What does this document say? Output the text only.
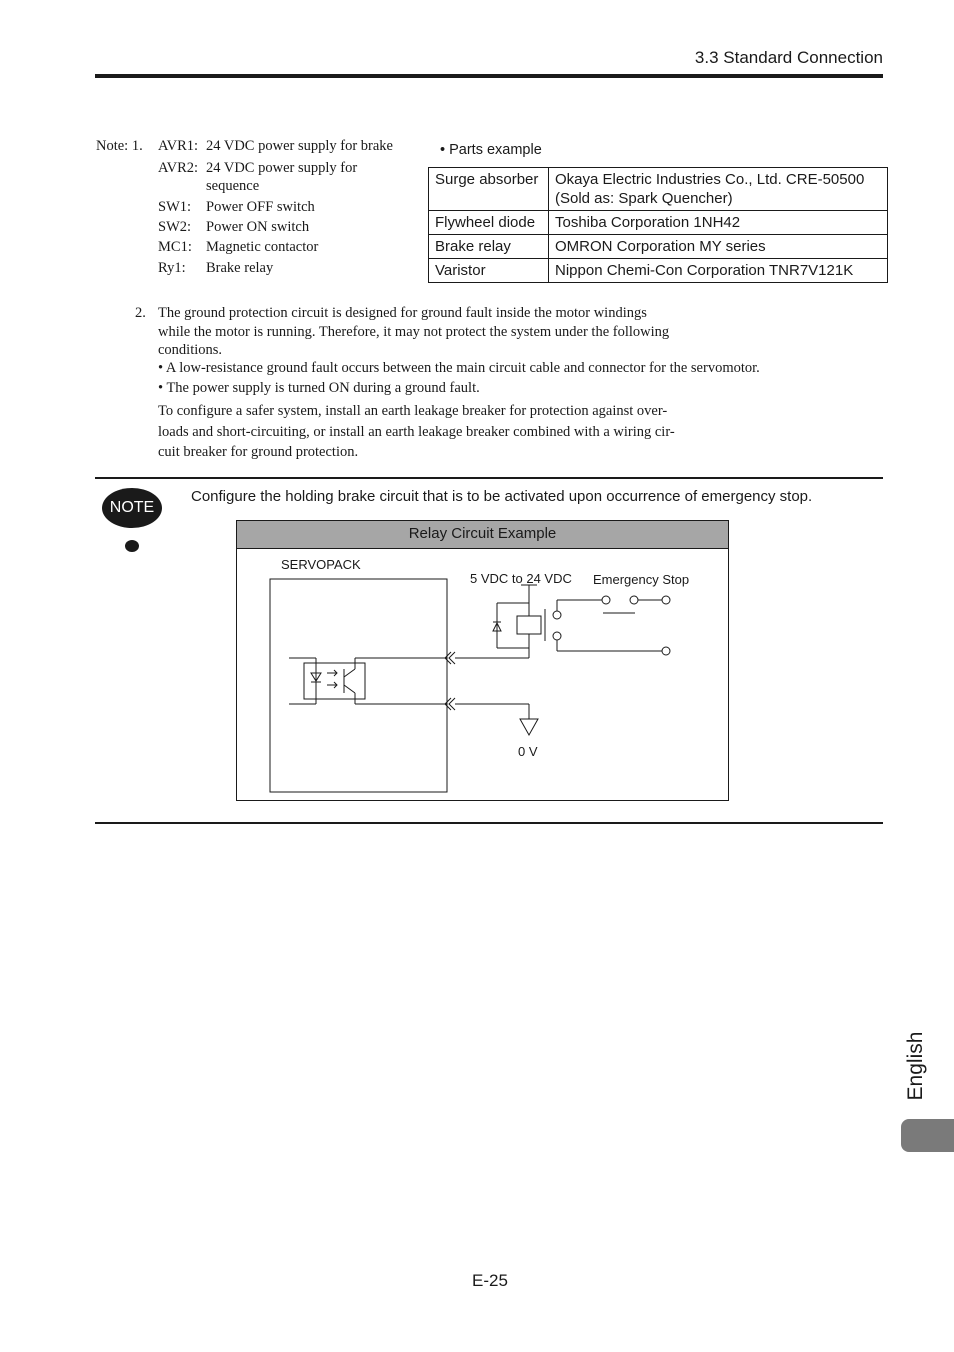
3.3 Standard Connection
Note: 1. AVR1: 24 VDC power supply for brake
AVR2: 24 VDC power supply for
sequence
SW1: Power OFF switch
SW2: Power ON switch
MC1: Magnetic contactor
Ry1: Brake relay
• Parts example
Surge absorber	Okaya Electric Industries Co., Ltd. CRE-50500
(Sold as: Spark Quencher)

Flywheel diode	Toshiba Corporation 1NH42
Brake relay	OMRON Corporation MY series
Varistor	Nippon Chemi-Con Corporation TNR7V121K
2. The ground protection circuit is designed for ground fault inside the motor windings
while the motor is running. Therefore, it may not protect the system under the following
conditions.
• A low-resistance ground fault occurs between the main circuit cable and connector for the servomotor.
• The power supply is turned ON during a ground fault.
To configure a safer system, install an earth leakage breaker for protection against over-
loads and short-circuiting, or install an earth leakage breaker combined with a wiring cir-
cuit breaker for ground protection.
NOTE
Configure the holding brake circuit that is to be activated upon occurrence of emergency stop.
Relay Circuit Example
SERVOPACK
5 VDC to 24 VDC Emergency Stop
0 V
English
E-25
